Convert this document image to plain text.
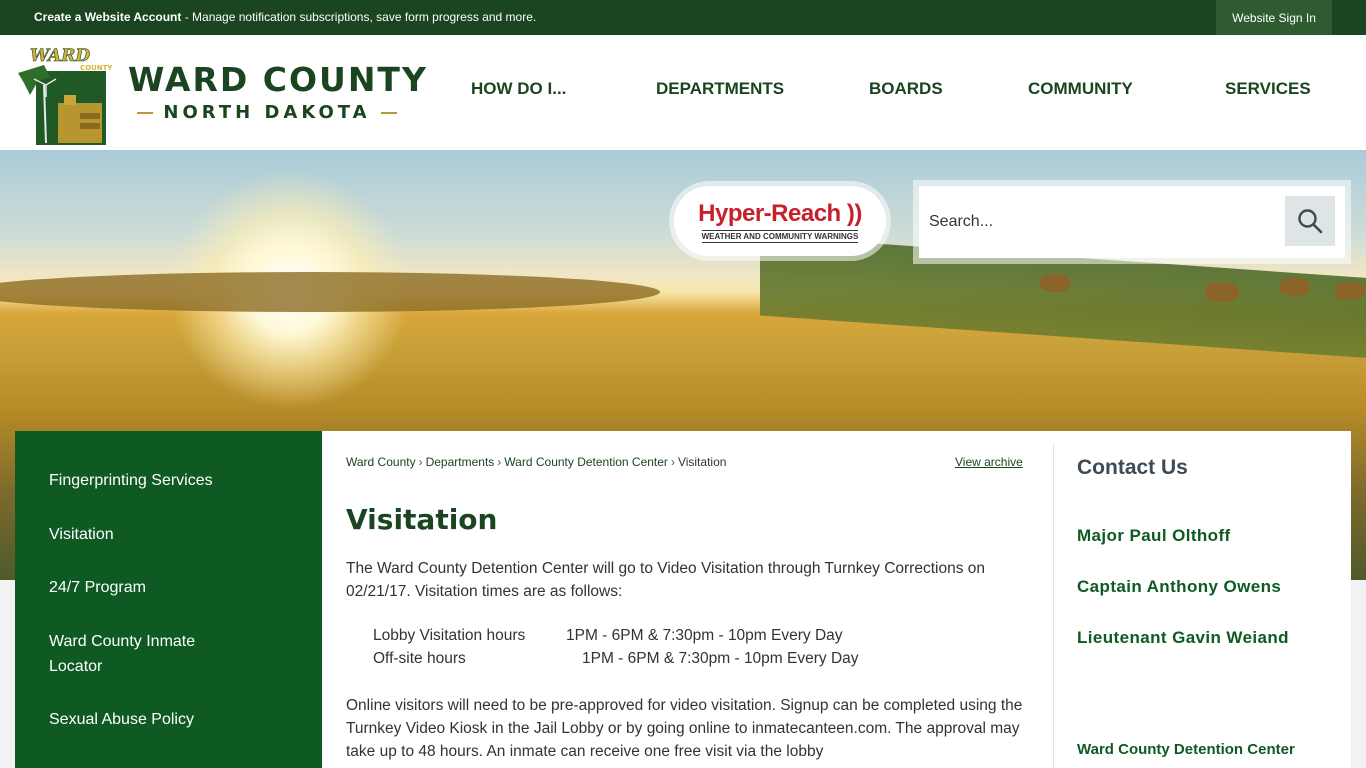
Create a Website Account - Manage notification subscriptions, save form progress and more.	Website Sign In
WARD
COUNTY WARD COUNTY
NORTH DAKOTA
HOW DO I...	DEPARTMENTS	BOARDS	COMMUNITY	SERVICES
Hyper-Reach ))
WEATHER AND COMMUNITY WARNINGS
Search...
Fingerprinting Services
Visitation
24/7 Program
Ward County Inmate Locator
Sexual Abuse Policy
Ward County › Departments › Ward County Detention Center › Visitation	View archive
Visitation

The Ward County Detention Center will go to Video Visitation through Turnkey Corrections on 02/21/17. Visitation times are as follows:

Lobby Visitation hours	1PM - 6PM & 7:30pm - 10pm Every Day
Off-site hours	1PM - 6PM & 7:30pm - 10pm Every Day

Online visitors will need to be pre-approved for video visitation. Signup can be completed using the Turnkey Video Kiosk in the Jail Lobby or by going online to inmatecanteen.com. The approval may take up to 48 hours. An inmate can receive one free visit via the lobby

Contact Us
Major Paul Olthoff
Captain Anthony Owens
Lieutenant Gavin Weiand
Ward County Detention Center
